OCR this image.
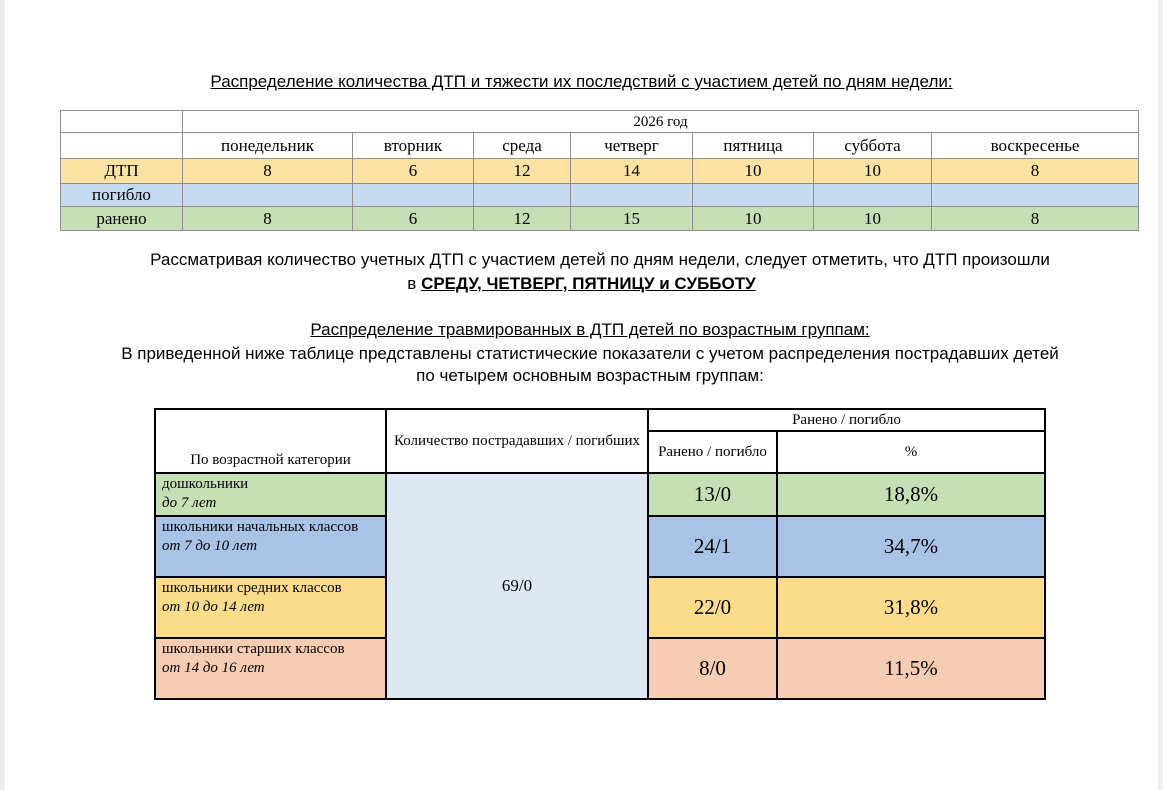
Распределение количества ДТП и тяжести их последствий с участием детей по дням недели:
	2026 год						
	понедельник	вторник	среда	четверг	пятница	суббота	воскресенье
ДТП	8	6	12	14	10	10	8
погибло							
ранено	8	6	12	15	10	10	8
Рассматривая количество учетных ДТП с участием детей по дням недели, следует отметить, что ДТП произошли
в СРЕДУ, ЧЕТВЕРГ, ПЯТНИЦУ и СУББОТУ
Распределение травмированных в ДТП детей по возрастным группам:
В приведенной ниже таблице представлены статистические показатели с учетом распределения пострадавших детей
по четырем основным возрастным группам:
По возрастной категории	Количество пострадавших / погибших	Ранено / погибло	
		Ранено / погибло	%

дошкольники
до 7 лет	69/0	13/0	18,8%

школьники начальных классов
от 7 до 10 лет		24/1	34,7%

школьники средних классов
от 10 до 14 лет		22/0	31,8%

школьники старших классов
от 14 до 16 лет		8/0	11,5%
